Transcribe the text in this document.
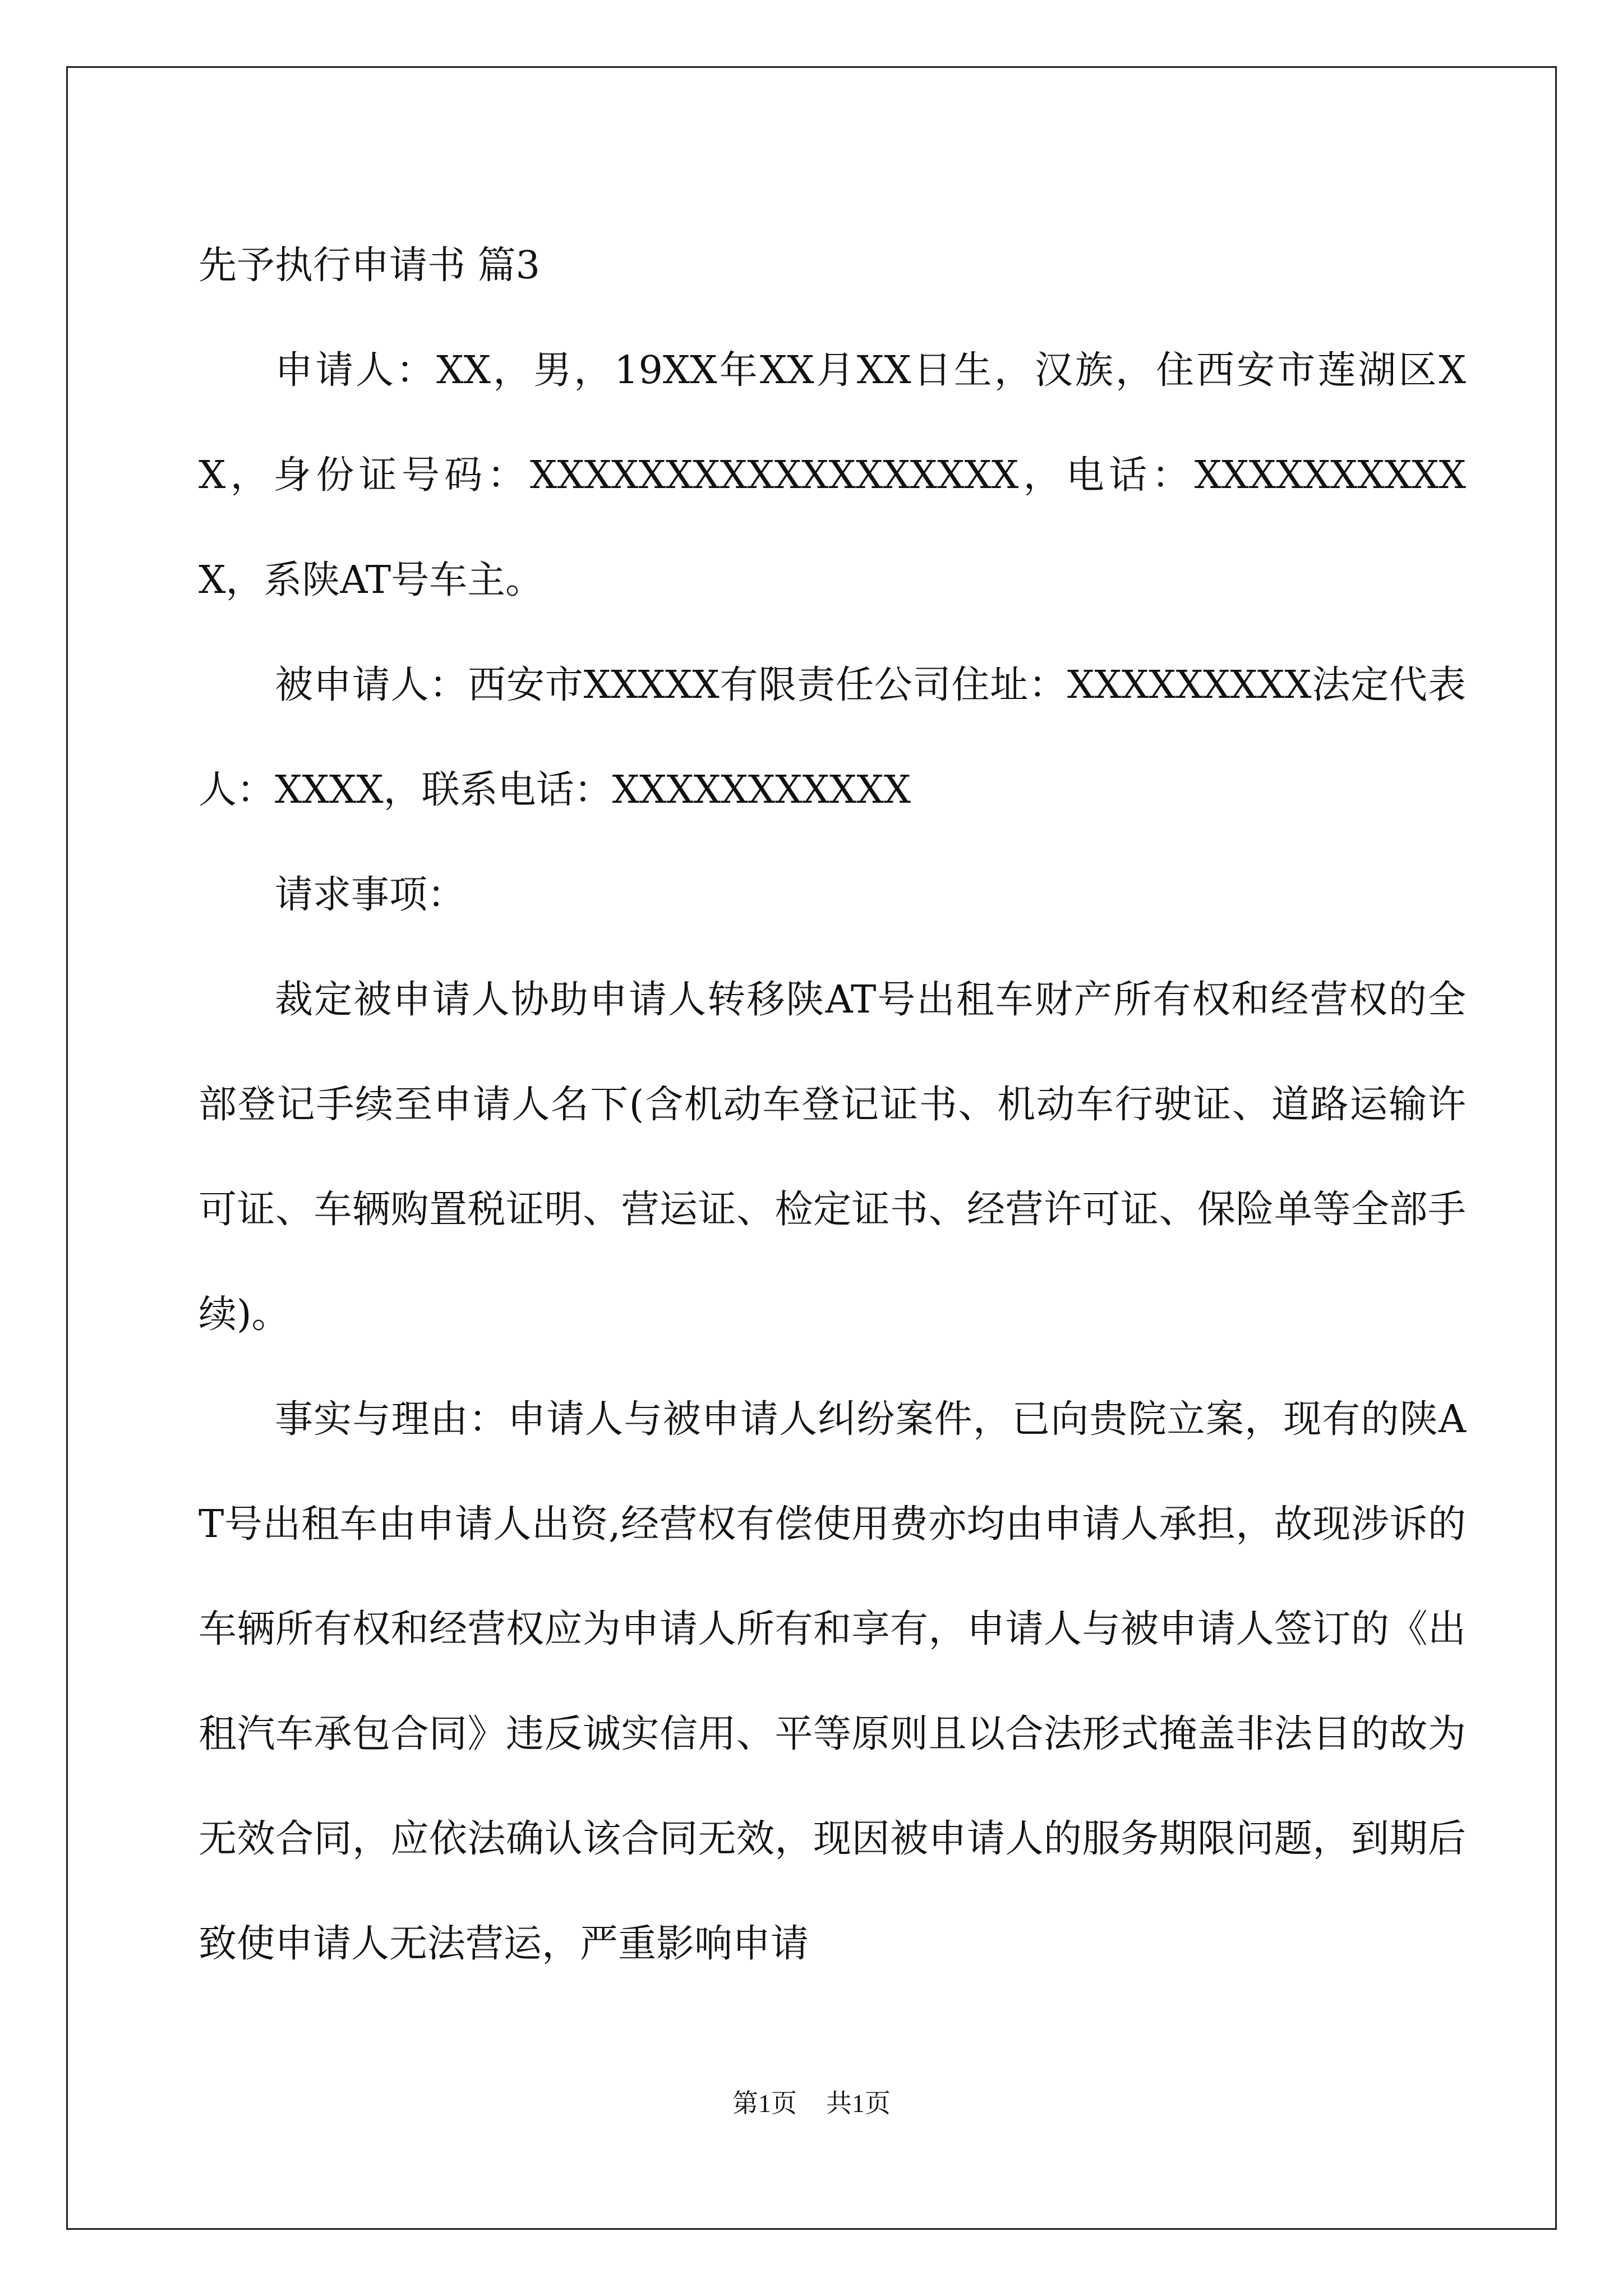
先予执行申请书 篇3

申请人：XX，男，19XX年XX月XX日生，汉族，住西安市莲湖区XX，身份证号码：XXXXXXXXXXXXXXXXXX，电话：XXXXXXXXXXX，系陕AT号车主。

被申请人：西安市XXXXX有限责任公司住址：XXXXXXXXX法定代表人：XXXX，联系电话：XXXXXXXXXXX

请求事项：

裁定被申请人协助申请人转移陕AT号出租车财产所有权和经营权的全部登记手续至申请人名下(含机动车登记证书、机动车行驶证、道路运输许可证、车辆购置税证明、营运证、检定证书、经营许可证、保险单等全部手续)。

事实与理由：申请人与被申请人纠纷案件，已向贵院立案，现有的陕AT号出租车由申请人出资,经营权有偿使用费亦均由申请人承担，故现涉诉的车辆所有权和经营权应为申请人所有和享有，申请人与被申请人签订的《出租汽车承包合同》违反诚实信用、平等原则且以合法形式掩盖非法目的故为无效合同，应依法确认该合同无效，现因被申请人的服务期限问题，到期后致使申请人无法营运，严重影响申请

第1页 共1页
